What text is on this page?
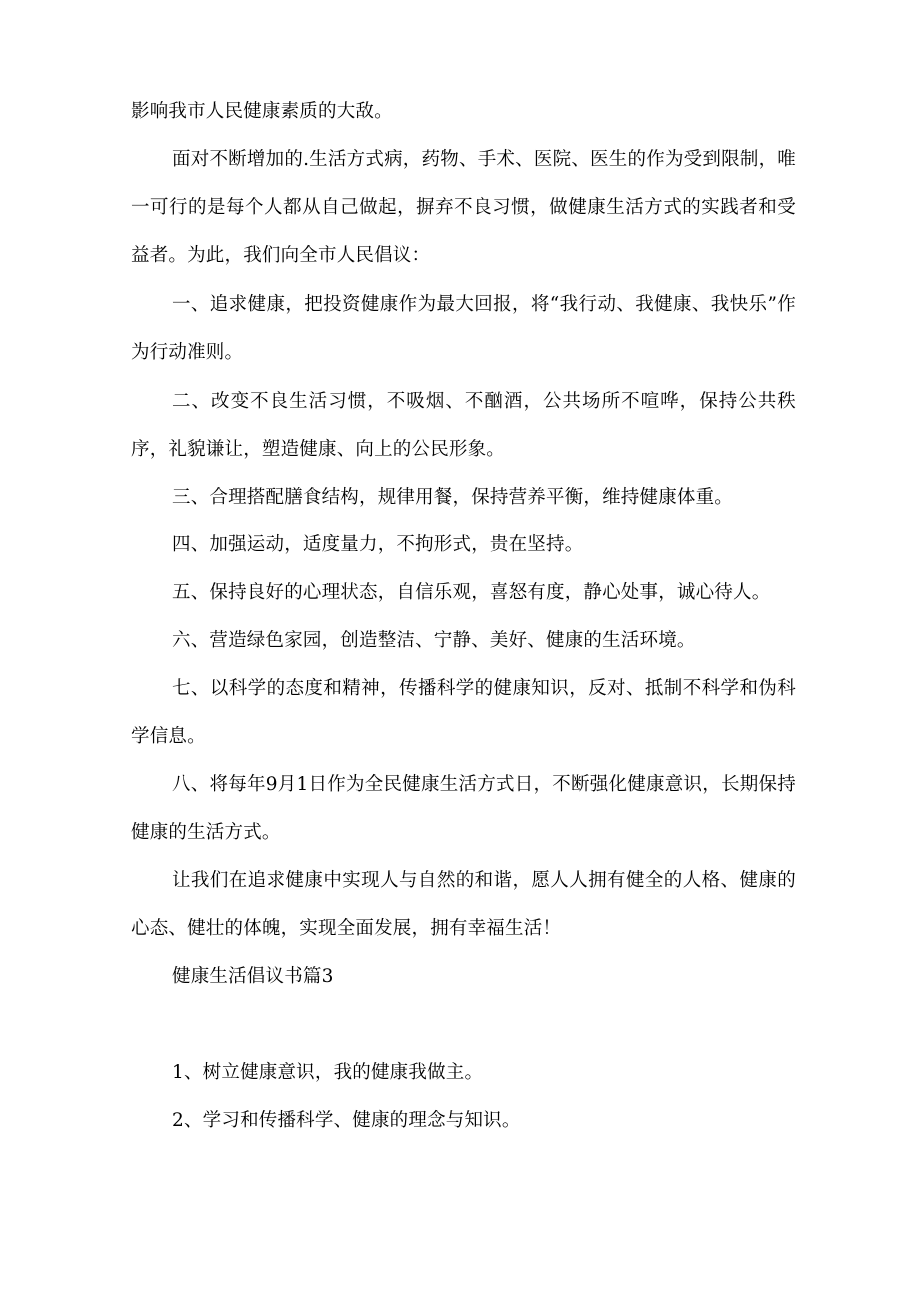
影响我市人民健康素质的大敌。

面对不断增加的.生活方式病，药物、手术、医院、医生的作为受到限制，唯一可行的是每个人都从自己做起，摒弃不良习惯，做健康生活方式的实践者和受益者。为此，我们向全市人民倡议：

一、追求健康，把投资健康作为最大回报，将“我行动、我健康、我快乐”作为行动准则。

二、改变不良生活习惯，不吸烟、不酗酒，公共场所不喧哗，保持公共秩序，礼貌谦让，塑造健康、向上的公民形象。

三、合理搭配膳食结构，规律用餐，保持营养平衡，维持健康体重。

四、加强运动，适度量力，不拘形式，贵在坚持。

五、保持良好的心理状态，自信乐观，喜怒有度，静心处事，诚心待人。

六、营造绿色家园，创造整洁、宁静、美好、健康的生活环境。

七、以科学的态度和精神，传播科学的健康知识，反对、抵制不科学和伪科学信息。

八、将每年9月1日作为全民健康生活方式日，不断强化健康意识，长期保持健康的生活方式。

让我们在追求健康中实现人与自然的和谐，愿人人拥有健全的人格、健康的心态、健壮的体魄，实现全面发展，拥有幸福生活！

健康生活倡议书篇3

1、树立健康意识，我的健康我做主。

2、学习和传播科学、健康的理念与知识。
